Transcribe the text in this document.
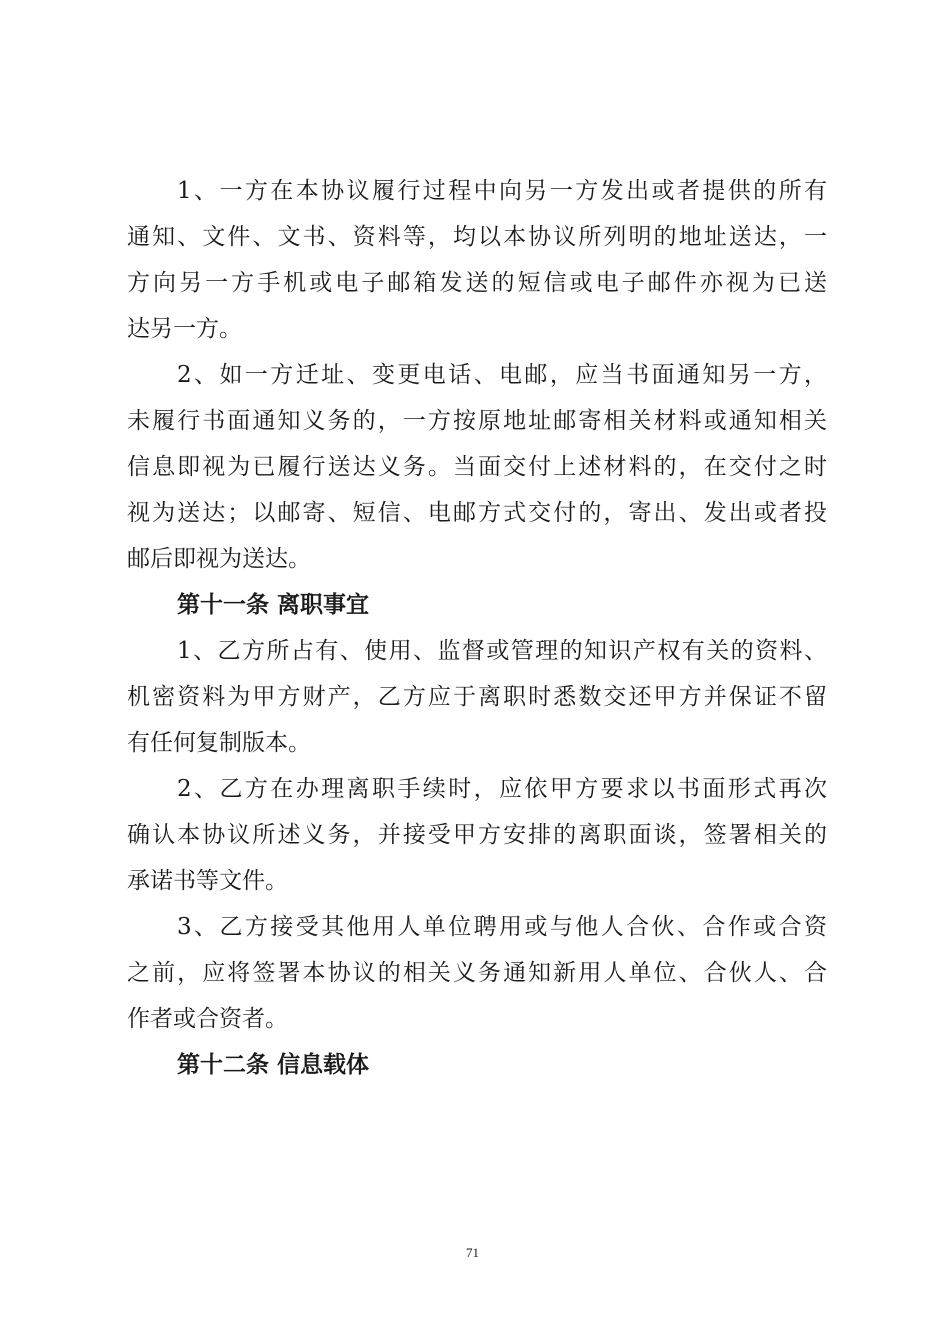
1、一方在本协议履行过程中向另一方发出或者提供的所有
通知、文件、文书、资料等，均以本协议所列明的地址送达，一
方向另一方手机或电子邮箱发送的短信或电子邮件亦视为已送
达另一方。
2、如一方迁址、变更电话、电邮，应当书面通知另一方，
未履行书面通知义务的，一方按原地址邮寄相关材料或通知相关
信息即视为已履行送达义务。当面交付上述材料的，在交付之时
视为送达；以邮寄、短信、电邮方式交付的，寄出、发出或者投
邮后即视为送达。
第十一条 离职事宜
1、乙方所占有、使用、监督或管理的知识产权有关的资料、
机密资料为甲方财产，乙方应于离职时悉数交还甲方并保证不留
有任何复制版本。
2、乙方在办理离职手续时，应依甲方要求以书面形式再次
确认本协议所述义务，并接受甲方安排的离职面谈，签署相关的
承诺书等文件。
3、乙方接受其他用人单位聘用或与他人合伙、合作或合资
之前，应将签署本协议的相关义务通知新用人单位、合伙人、合
作者或合资者。
第十二条 信息载体
71
